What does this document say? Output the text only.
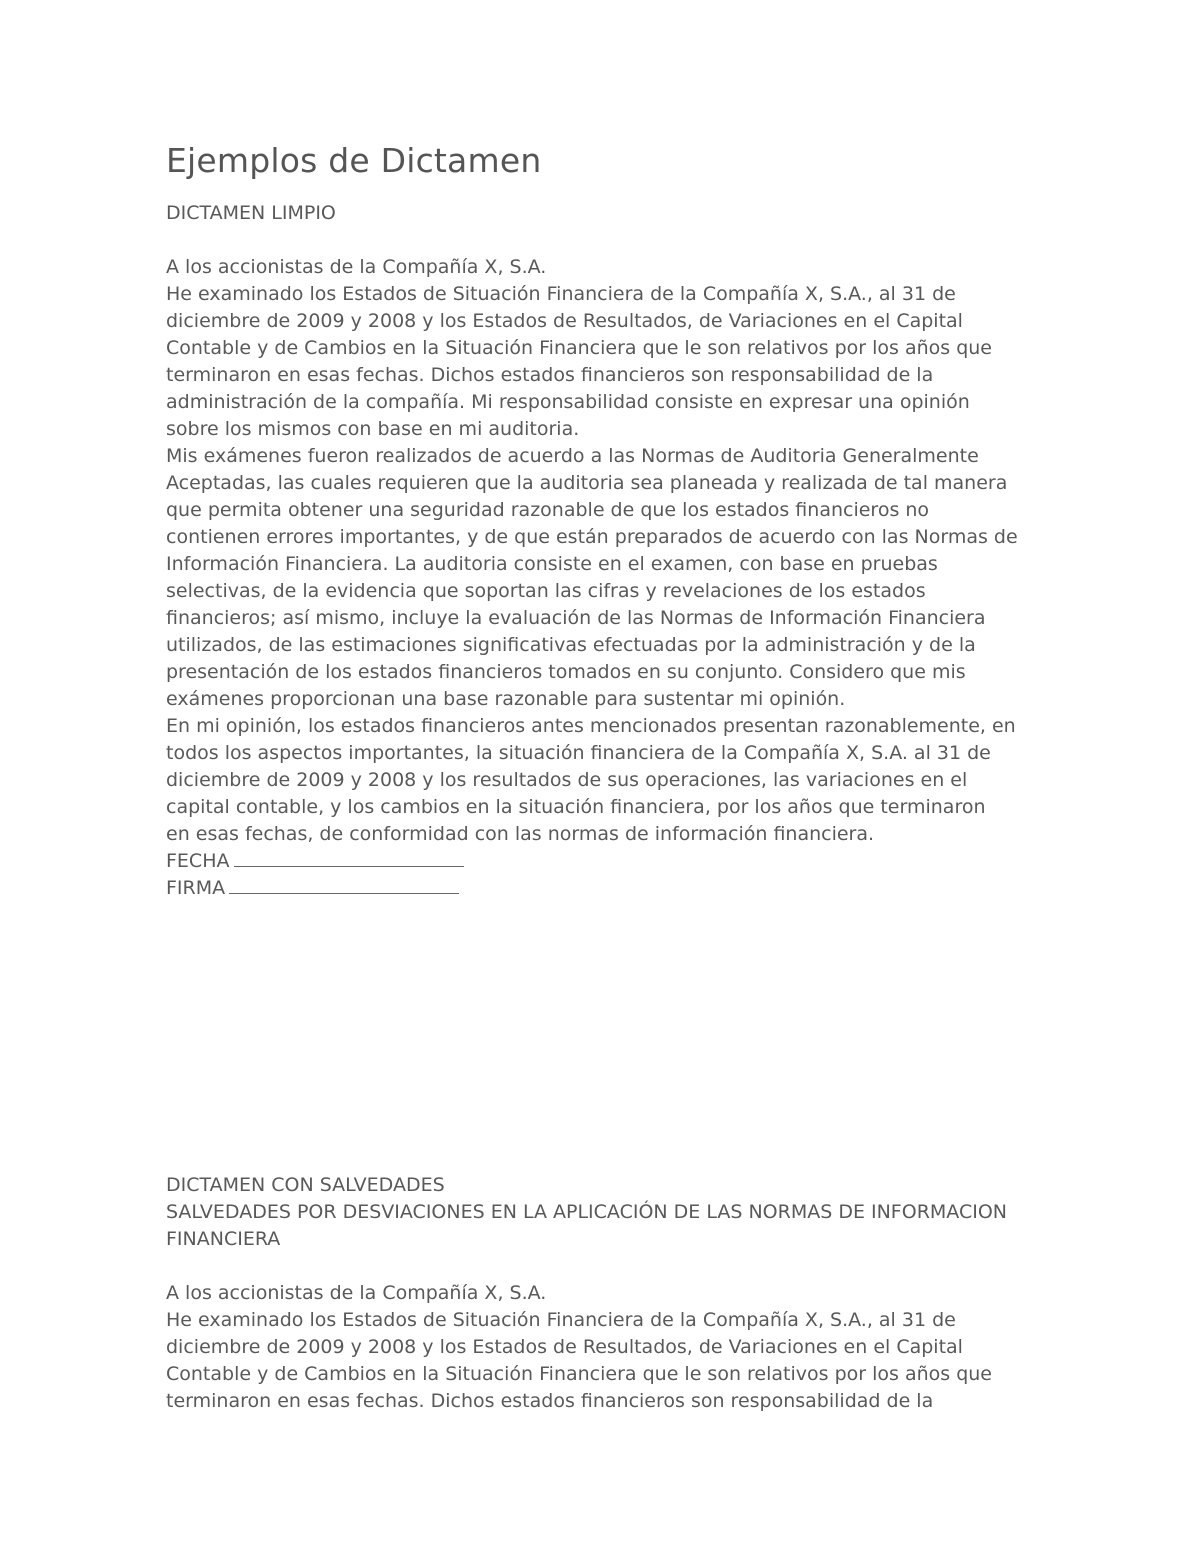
Ejemplos de Dictamen
DICTAMEN LIMPIO
A los accionistas de la Compañía X, S.A.
He examinado los Estados de Situación Financiera de la Compañía X, S.A., al 31 de
diciembre de 2009 y 2008 y los Estados de Resultados, de Variaciones en el Capital
Contable y de Cambios en la Situación Financiera que le son relativos por los años que
terminaron en esas fechas. Dichos estados financieros son responsabilidad de la
administración de la compañía. Mi responsabilidad consiste en expresar una opinión
sobre los mismos con base en mi auditoria.
Mis exámenes fueron realizados de acuerdo a las Normas de Auditoria Generalmente
Aceptadas, las cuales requieren que la auditoria sea planeada y realizada de tal manera
que permita obtener una seguridad razonable de que los estados financieros no
contienen errores importantes, y de que están preparados de acuerdo con las Normas de
Información Financiera. La auditoria consiste en el examen, con base en pruebas
selectivas, de la evidencia que soportan las cifras y revelaciones de los estados
financieros; así mismo, incluye la evaluación de las Normas de Información Financiera
utilizados, de las estimaciones significativas efectuadas por la administración y de la
presentación de los estados financieros tomados en su conjunto. Considero que mis
exámenes proporcionan una base razonable para sustentar mi opinión.
En mi opinión, los estados financieros antes mencionados presentan razonablemente, en
todos los aspectos importantes, la situación financiera de la Compañía X, S.A. al 31 de
diciembre de 2009 y 2008 y los resultados de sus operaciones, las variaciones en el
capital contable, y los cambios en la situación financiera, por los años que terminaron
en esas fechas, de conformidad con las normas de información financiera.
FECHA
FIRMA
DICTAMEN CON SALVEDADES
SALVEDADES POR DESVIACIONES EN LA APLICACIÓN DE LAS NORMAS DE INFORMACION
FINANCIERA
A los accionistas de la Compañía X, S.A.
He examinado los Estados de Situación Financiera de la Compañía X, S.A., al 31 de
diciembre de 2009 y 2008 y los Estados de Resultados, de Variaciones en el Capital
Contable y de Cambios en la Situación Financiera que le son relativos por los años que
terminaron en esas fechas. Dichos estados financieros son responsabilidad de la
